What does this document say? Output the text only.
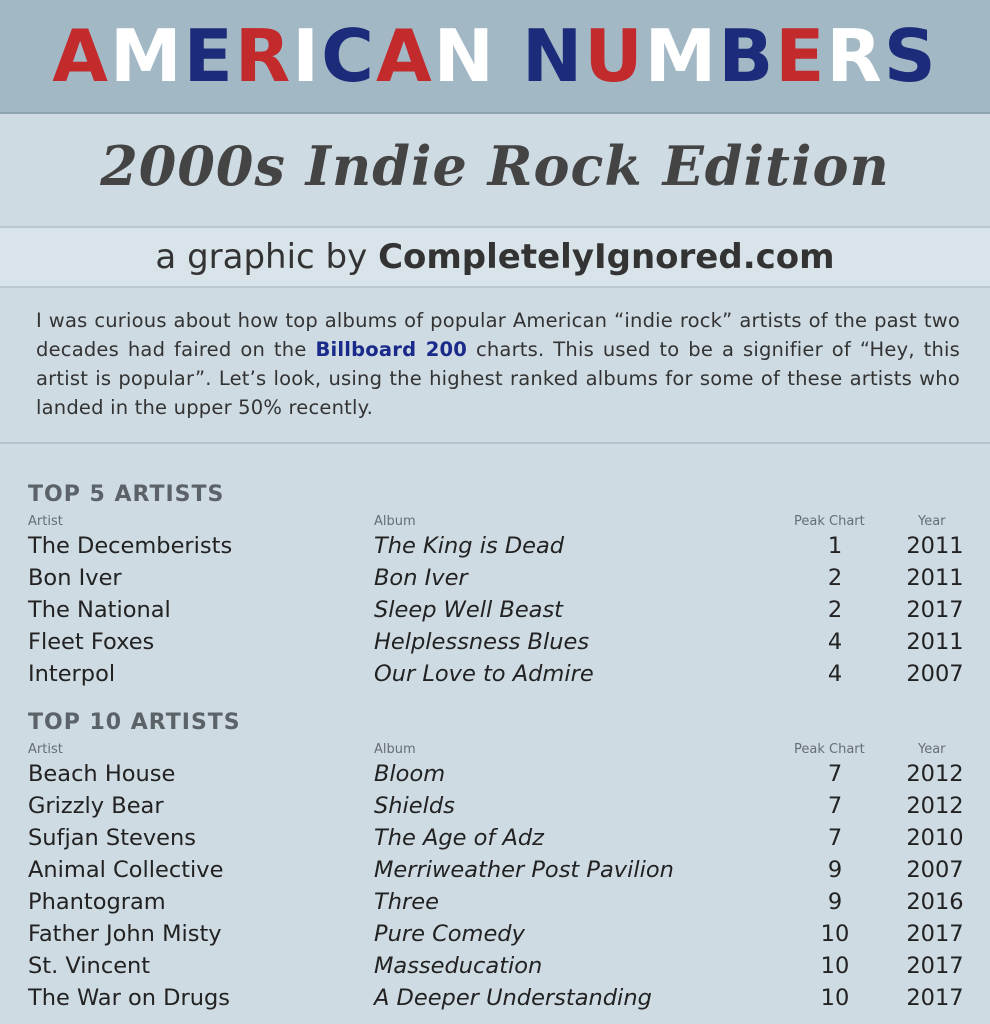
AMERICAN NUMBERS
2000s Indie Rock Edition
a graphic by CompletelyIgnored.com

I was curious about how top albums of popular American “indie rock” artists of the past two decades had faired on the Billboard 200 charts. This used to be a signifier of “Hey, this artist is popular”. Let’s look, using the highest ranked albums for some of these artists who landed in the upper 50% recently.

TOP 5 ARTISTS
Artist	Album	Peak Chart	Year
The Decemberists	The King is Dead	1	2011
Bon Iver	Bon Iver	2	2011
The National	Sleep Well Beast	2	2017
Fleet Foxes	Helplessness Blues	4	2011
Interpol	Our Love to Admire	4	2007
TOP 10 ARTISTS
Artist	Album	Peak Chart	Year
Beach House	Bloom	7	2012
Grizzly Bear	Shields	7	2012
Sufjan Stevens	The Age of Adz	7	2010
Animal Collective	Merriweather Post Pavilion	9	2007
Phantogram	Three	9	2016
Father John Misty	Pure Comedy	10	2017
St. Vincent	Masseducation	10	2017
The War on Drugs	A Deeper Understanding	10	2017
